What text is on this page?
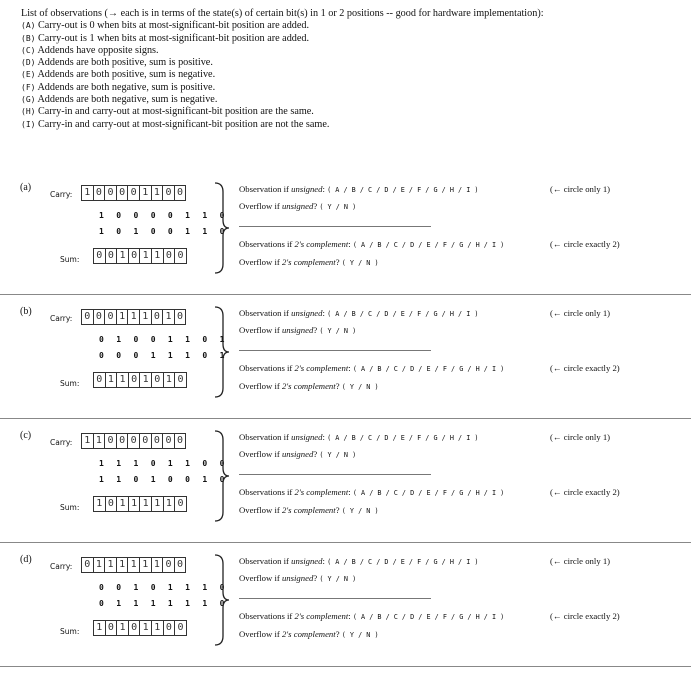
List of observations (→ each is in terms of the state(s) of certain bit(s) in 1 or 2 positions -- good for hardware implementation):
(A) Carry-out is 0 when bits at most-significant-bit position are added.
(B) Carry-out is 1 when bits at most-significant-bit position are added.
(C) Addends have opposite signs.
(D) Addends are both positive, sum is positive.
(E) Addends are both positive, sum is negative.
(F) Addends are both negative, sum is positive.
(G) Addends are both negative, sum is negative.
(H) Carry-in and carry-out at most-significant-bit position are the same.
(I) Carry-in and carry-out at most-significant-bit position are not the same.
(a)
Carry: 1 0 0 0 0 1 1 0 0
1 0 0 0 0 1 1 0
1 0 1 0 0 1 1 0
Sum: 0 0 1 0 1 1 0 0
Observation if unsigned: ( A / B / C / D / E / F / G / H / I )	(← circle only 1)
Overflow if unsigned? ( Y / N )
Observations if 2's complement: ( A / B / C / D / E / F / G / H / I )	(← circle exactly 2)
Overflow if 2's complement? ( Y / N )
(b)
Carry: 0 0 0 1 1 1 0 1 0
0 1 0 0 1 1 0 1
0 0 0 1 1 1 0 1
Sum: 0 1 1 0 1 0 1 0
Observation if unsigned: ( A / B / C / D / E / F / G / H / I )	(← circle only 1)
Overflow if unsigned? ( Y / N )
Observations if 2's complement: ( A / B / C / D / E / F / G / H / I )	(← circle exactly 2)
Overflow if 2's complement? ( Y / N )
(c)
Carry: 1 1 0 0 0 0 0 0 0
1 1 1 0 1 1 0 0
1 1 0 1 0 0 1 0
Sum: 1 0 1 1 1 1 1 0
Observation if unsigned: ( A / B / C / D / E / F / G / H / I )	(← circle only 1)
Overflow if unsigned? ( Y / N )
Observations if 2's complement: ( A / B / C / D / E / F / G / H / I )	(← circle exactly 2)
Overflow if 2's complement? ( Y / N )
(d)
Carry: 0 1 1 1 1 1 1 0 0
0 0 1 0 1 1 1 0
0 1 1 1 1 1 1 0
Sum: 1 0 1 0 1 1 0 0
Observation if unsigned: ( A / B / C / D / E / F / G / H / I )	(← circle only 1)
Overflow if unsigned? ( Y / N )
Observations if 2's complement: ( A / B / C / D / E / F / G / H / I )	(← circle exactly 2)
Overflow if 2's complement? ( Y / N )
